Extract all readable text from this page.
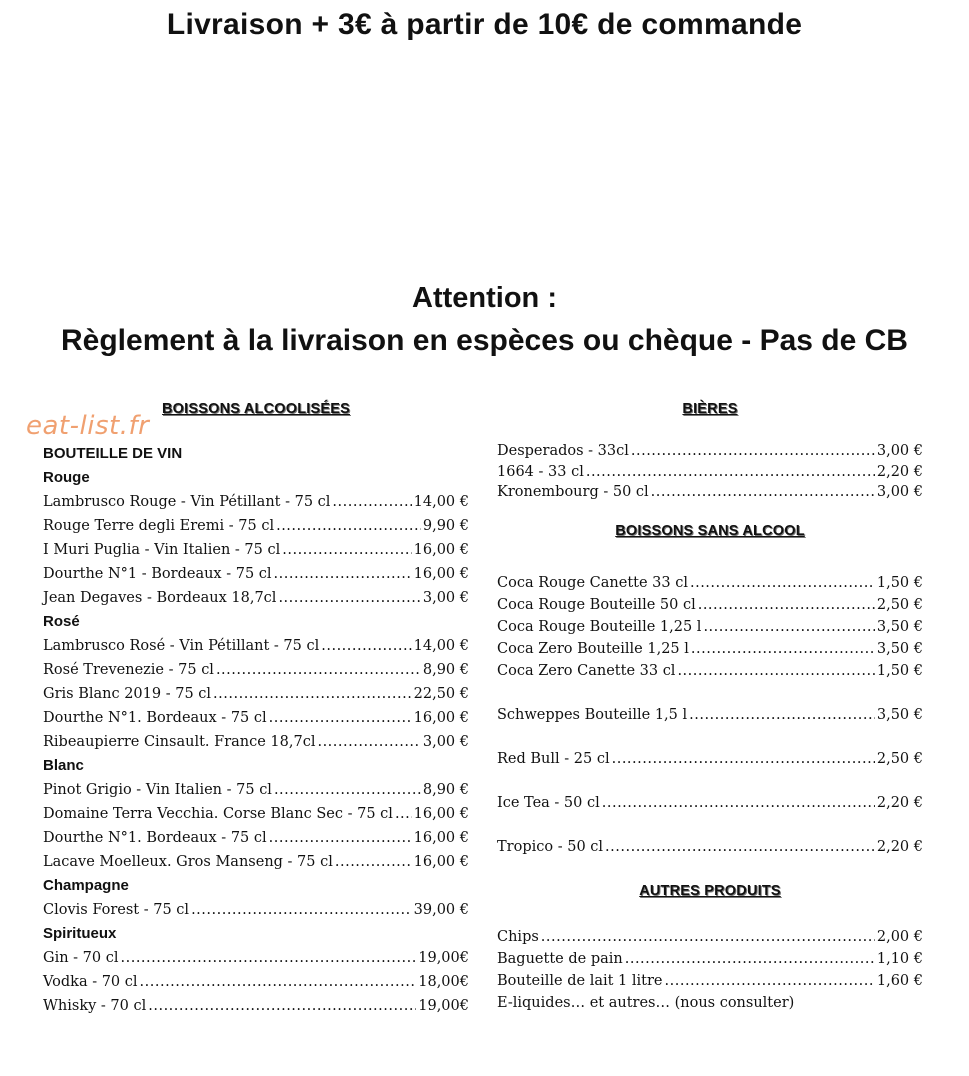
Livraison + 3€ à partir de 10€ de commande
Attention :
Règlement à la livraison en espèces ou chèque - Pas de CB
eat-list.fr
BOISSONS ALCOOLISÉES
BOUTEILLE DE VIN
Rouge
Lambrusco Rouge - Vin Pétillant - 75 cl .....	14,00 €
Rouge Terre degli Eremi - 75 cl .....	9,90 €
I Muri Puglia - Vin Italien - 75 cl .....	16,00 €
Dourthe N°1 - Bordeaux - 75 cl .....	16,00 €
Jean Degaves - Bordeaux 18,7cl .....	3,00 €
Rosé
Lambrusco Rosé - Vin Pétillant - 75 cl .....	14,00 €
Rosé Trevenezie - 75 cl .....	8,90 €
Gris Blanc 2019 - 75 cl .....	22,50 €
Dourthe N°1. Bordeaux - 75 cl .....	16,00 €
Ribeaupierre Cinsault. France 18,7cl .....	3,00 €
Blanc
Pinot Grigio - Vin Italien - 75 cl .....	8,90 €
Domaine Terra Vecchia. Corse Blanc Sec - 75 cl ..... 16,00 €
Dourthe N°1. Bordeaux - 75 cl .....	16,00 €
Lacave Moelleux. Gros Manseng - 75 cl .....	16,00 €
Champagne
Clovis Forest - 75 cl .....	39,00 €
Spiritueux
Gin - 70 cl .....	19,00€
Vodka - 70 cl .....	18,00€
Whisky - 70 cl .....	19,00€
BIÈRES
Desperados - 33cl .....	3,00 €
1664 - 33 cl .....	2,20 €
Kronembourg - 50 cl .....	3,00 €
BOISSONS SANS ALCOOL
Coca Rouge Canette 33 cl .....	1,50 €
Coca Rouge Bouteille 50 cl .....	2,50 €
Coca Rouge Bouteille 1,25 l .....	3,50 €
Coca Zero Bouteille 1,25 l .....	3,50 €
Coca Zero Canette 33 cl .....	1,50 €
Schweppes Bouteille 1,5 l .....	3,50 €
Red Bull - 25 cl .....	2,50 €
Ice Tea - 50 cl .....	2,20 €
Tropico - 50 cl .....	2,20 €
AUTRES PRODUITS
Chips .....	2,00 €
Baguette de pain .....	1,10 €
Bouteille de lait 1 litre .....	1,60 €
E-liquides… et autres… (nous consulter)
